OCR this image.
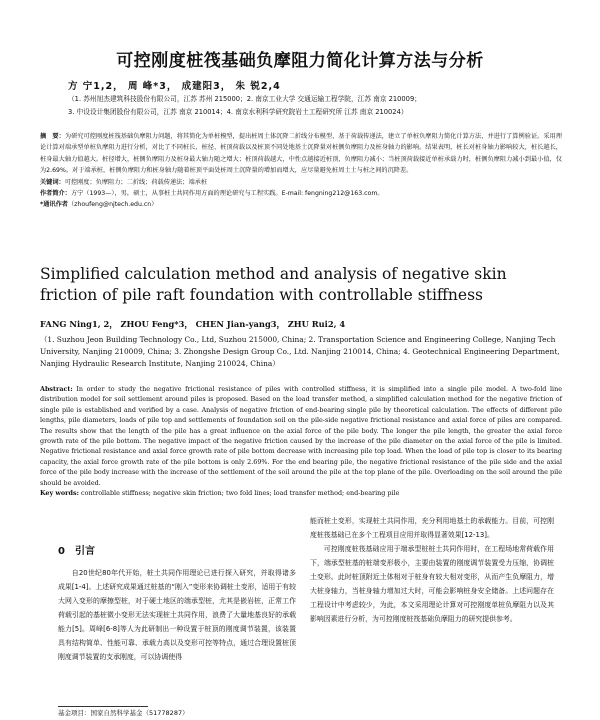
可控刚度桩筏基础负摩阻力简化计算方法与分析
方 宁1,2， 周 峰*3， 成建阳3， 朱 锐2,4
（1. 苏州旭杰建筑科技股份有限公司，江苏 苏州 215000；2. 南京工业大学 交通运输工程学院，江苏 南京 210009；
3. 中设设计集团股份有限公司，江苏 南京 210014；4. 南京水利科学研究院岩土工程研究所 江苏 南京 210024）
摘　要：为研究可控刚度桩筏基础负摩阻力问题，将其简化为单桩模型，提出桩周土体沉降二折线分布模型，基于荷载传递法，建立了单桩负摩阻力简化计算方法，并进行了算例验证。采用理论计算对端承型单桩负摩阻力进行分析，对比了不同桩长、桩径、桩顶荷载以及桩顶不同处地基土沉降量对桩侧负摩阻力及桩身轴力的影响。结果表明，桩长对桩身轴力影响较大，桩长越长，桩身最大轴力值越大。桩径增大，桩侧负摩阻力及桩身最大轴力随之增大；桩顶荷载越大，中性点越接近桩顶，负摩阻力减小；当桩顶荷载接近单桩承载力时，桩侧负摩阻力减小到最小值，仅为2.69%。对于端承桩，桩侧负摩阻力和桩身轴力随着桩顶平面处桩周土沉降量的增加而增大，应尽量避免桩周土土与桩之间的沉降差。
关键词：可控刚度；负摩阻力；二折线；荷载传递法；端承桩
作者简介：方宁（1993—），男，硕士，从事桩土共同作用方面的理论研究与工程实践。E-mail: fengning212@163.com。
*通讯作者（zhoufeng@njtech.edu.cn）
Simplified calculation method and analysis of negative skin friction of pile raft foundation with controllable stiffness
FANG Ning1, 2， ZHOU Feng*3， CHEN Jian-yang3， ZHU Rui2, 4
（1. Suzhou Jeon Building Technology Co., Ltd, Suzhou 215000, China; 2. Transportation Science and Engineering College, Nanjing Tech University, Nanjing 210009, China; 3. Zhongshe Design Group Co., Ltd. Nanjing 210014, China; 4. Geotechnical Engineering Department, Nanjing Hydraulic Research Institute, Nanjing 210024, China）
Abstract: In order to study the negative frictional resistance of piles with controlled stiffness, it is simplified into a single pile model. A two-fold line distribution model for soil settlement around piles is proposed. Based on the load transfer method, a simplified calculation method for the negative friction of single pile is established and verified by a case. Analysis of negative friction of end-bearing single pile by theoretical calculation. The effects of different pile lengths, pile diameters, loads of pile top and settlements of foundation soil on the pile-side negative frictional resistance and axial force of piles are compared. The results show that the length of the pile has a great influence on the axial force of the pile body. The longer the pile length, the greater the axial force growth rate of the pile bottom. The negative impact of the negative friction caused by the increase of the pile diameter on the axial force of the pile is limited. Negative frictional resistance and axial force growth rate of pile bottom decrease with increasing pile top load. When the load of pile top is closer to its bearing capacity, the axial force growth rate of the pile bottom is only 2.69%. For the end bearing pile, the negative frictional resistance of the pile side and the axial force of the pile body increase with the increase of the settlement of the soil around the pile at the top plane of the pile. Overloading on the soil around the pile should be avoided.
Key words: controllable stiffness; negative skin friction; two fold lines; load transfer method; end-bearing pile
0　引言

自20世纪80年代开始，桩土共同作用理论已进行探入研究，并取得诸多成果[1-4]。上述研究成果通过桩基的“刚入”变形来协调桩土变形，适用于有较大网入变形的摩擦型桩，对于硬土地区的端承型桩，尤其是嵌岩桩，正常工作荷载引起的基桩微小变形无法实现桩土共同作用，浪费了大量地基良好的承载能力[5]。周峰[6-8]等人为此研制出一种设置于桩顶的刚度调节装置，该装置具有结构简单、性能可靠、承载力高以及变形可控等特点，通过合理设置桩顶刚度调节装置的支承刚度，可以协调使得

能而桩土变形，实现桩土共同作用，充分利用地基土的承载能力。目前，可控刚度桩筏基础已在多个工程项目应用并取得显著效果[12-13]。

可控刚度桩筏基础应用于端承型桩桩土共同作用时，在工程场地常荷载作用下，端承型桩基的桩端变形极小，主要由装置的刚度调节装置受力压缩，协调桩土变形。此时桩顶附近土体相对于桩身有较大相对变形，从而产生负摩阻力，增大桩身轴力，当桩身轴力增加过大时，可能会影响桩身安全储备。上述问题存在工程设计中考虑较少，为此，本文采用理论计算对可控刚度单桩负摩阻力以及其影响因素进行分析，为可控刚度桩筏基础负摩阻力的研究提供参考。

基金项目：国家自然科学基金（51778287）
